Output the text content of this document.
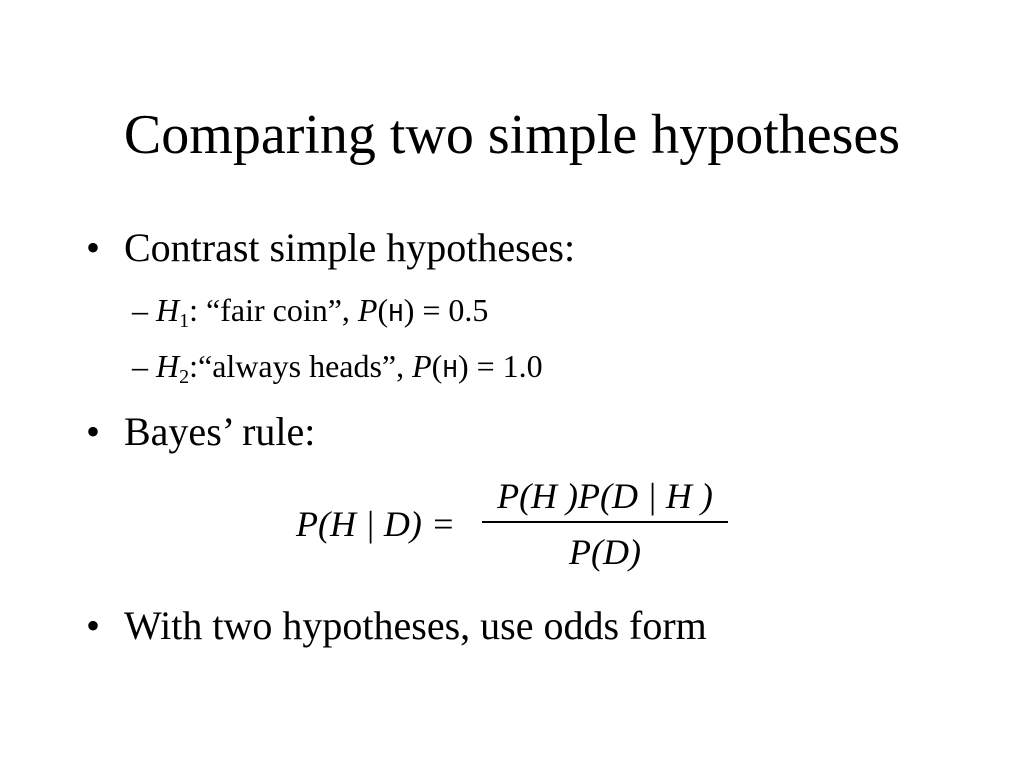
Comparing two simple hypotheses
• Contrast simple hypotheses:
– $H_1$: “fair coin”, P(H) = 0.5
– $H_2:“always$ heads”, P(H) = 1.0
• Bayes’ rule:
P(H | D) =
P(H )P(D | H )
P(D)
• With two hypotheses, use odds form
